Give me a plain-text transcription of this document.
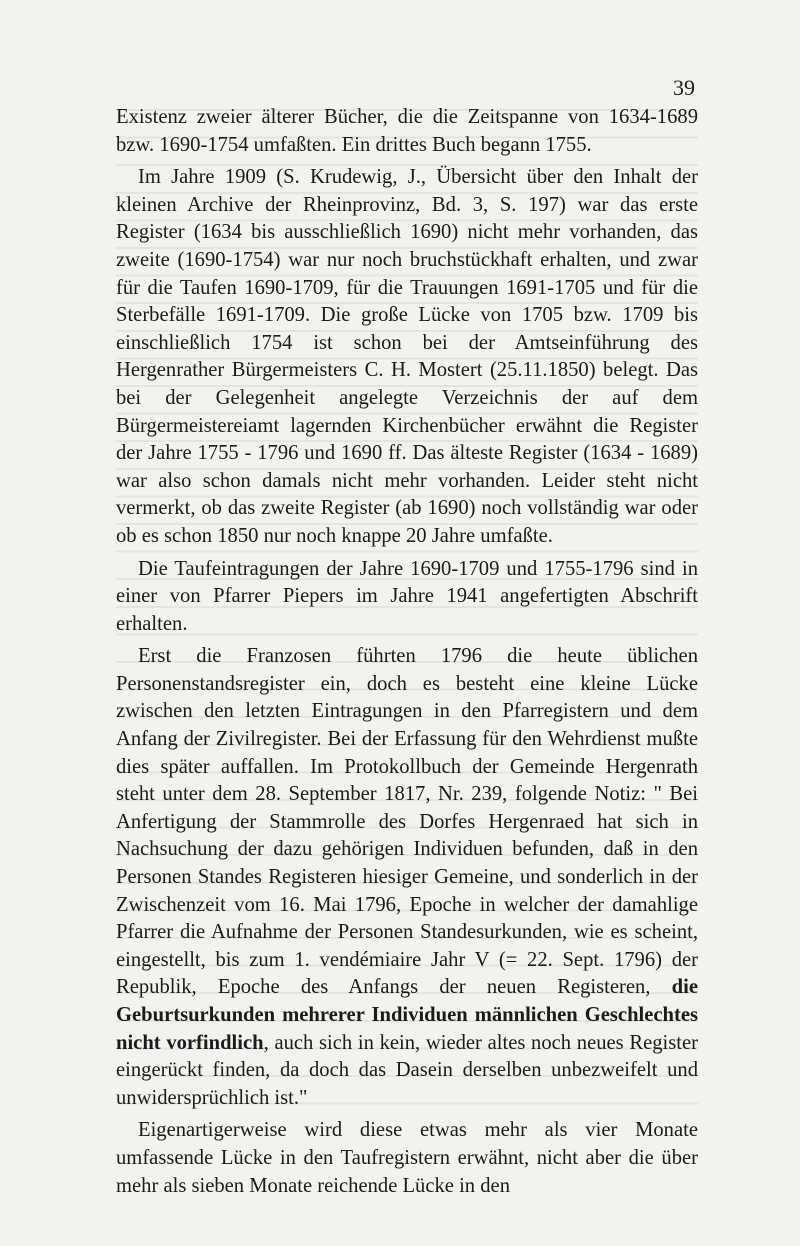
39

Existenz zweier älterer Bücher, die die Zeitspanne von 1634-1689 bzw. 1690-1754 umfaßten. Ein drittes Buch begann 1755.

Im Jahre 1909 (S. Krudewig, J., Übersicht über den Inhalt der kleinen Archive der Rheinprovinz, Bd. 3, S. 197) war das erste Register (1634 bis ausschließlich 1690) nicht mehr vorhanden, das zweite (1690-1754) war nur noch bruchstückhaft erhalten, und zwar für die Taufen 1690-1709, für die Trauungen 1691-1705 und für die Sterbefälle 1691-1709. Die große Lücke von 1705 bzw. 1709 bis einschließlich 1754 ist schon bei der Amtseinführung des Hergenrather Bürgermeisters C. H. Mostert (25.11.1850) belegt. Das bei der Gelegenheit angelegte Verzeichnis der auf dem Bürgermeistereiamt lagernden Kirchenbücher erwähnt die Register der Jahre 1755 - 1796 und 1690 ff. Das älteste Register (1634 - 1689) war also schon damals nicht mehr vorhanden. Leider steht nicht vermerkt, ob das zweite Register (ab 1690) noch vollständig war oder ob es schon 1850 nur noch knappe 20 Jahre umfaßte.

Die Taufeintragungen der Jahre 1690-1709 und 1755-1796 sind in einer von Pfarrer Piepers im Jahre 1941 angefertigten Abschrift erhalten.

Erst die Franzosen führten 1796 die heute üblichen Personenstandsregister ein, doch es besteht eine kleine Lücke zwischen den letzten Eintragungen in den Pfarregistern und dem Anfang der Zivilregister. Bei der Erfassung für den Wehrdienst mußte dies später auffallen. Im Protokollbuch der Gemeinde Hergenrath steht unter dem 28. September 1817, Nr. 239, folgende Notiz: " Bei Anfertigung der Stammrolle des Dorfes Hergenraed hat sich in Nachsuchung der dazu gehörigen Individuen befunden, daß in den Personen Standes Registeren hiesiger Gemeine, und sonderlich in der Zwischenzeit vom 16. Mai 1796, Epoche in welcher der damahlige Pfarrer die Aufnahme der Personen Standesurkunden, wie es scheint, eingestellt, bis zum 1. vendémiaire Jahr V (= 22. Sept. 1796) der Republik, Epoche des Anfangs der neuen Registeren, die Geburtsurkunden mehrerer Individuen männlichen Geschlechtes nicht vorfindlich, auch sich in kein, wieder altes noch neues Register eingerückt finden, da doch das Dasein derselben unbezweifelt und unwidersprüchlich ist."

Eigenartigerweise wird diese etwas mehr als vier Monate umfassende Lücke in den Taufregistern erwähnt, nicht aber die über mehr als sieben Monate reichende Lücke in den
